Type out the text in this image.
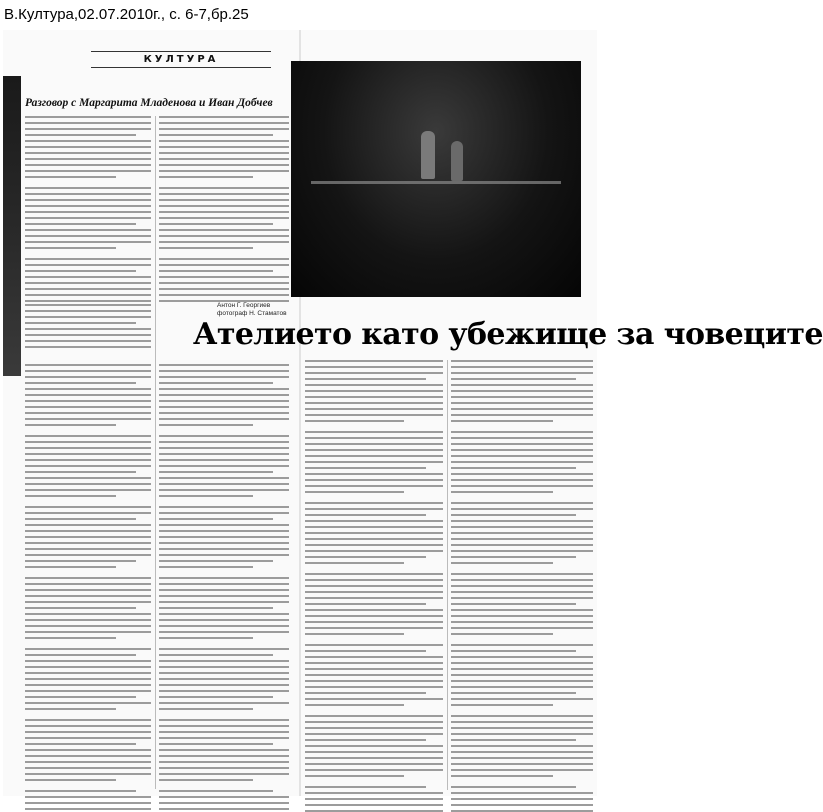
В.Култура,02.07.2010г., с. 6-7,бр.25
КУЛТУРА
Разговор с Маргарита Младенова и Иван Добчев
Антон Г. Георгиев фотограф Н. Стаматов
Ателието като убежище за човеците
